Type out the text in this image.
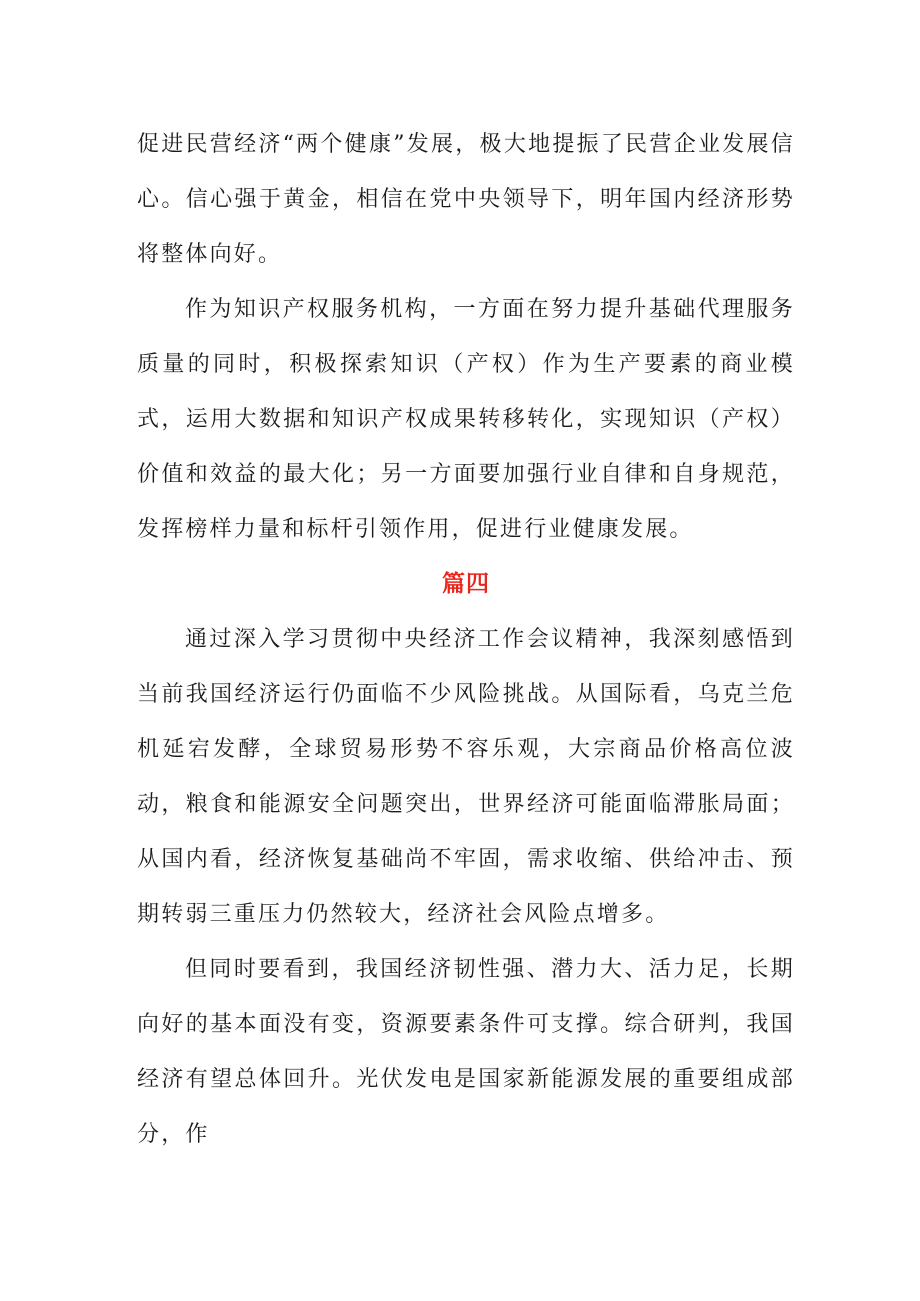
促进民营经济“两个健康”发展，极大地提振了民营企业发展信心。信心强于黄金，相信在党中央领导下，明年国内经济形势将整体向好。

作为知识产权服务机构，一方面在努力提升基础代理服务质量的同时，积极探索知识（产权）作为生产要素的商业模式，运用大数据和知识产权成果转移转化，实现知识（产权）价值和效益的最大化；另一方面要加强行业自律和自身规范，发挥榜样力量和标杆引领作用，促进行业健康发展。

篇四

通过深入学习贯彻中央经济工作会议精神，我深刻感悟到当前我国经济运行仍面临不少风险挑战。从国际看，乌克兰危机延宕发酵，全球贸易形势不容乐观，大宗商品价格高位波动，粮食和能源安全问题突出，世界经济可能面临滞胀局面；从国内看，经济恢复基础尚不牢固，需求收缩、供给冲击、预期转弱三重压力仍然较大，经济社会风险点增多。

但同时要看到，我国经济韧性强、潜力大、活力足，长期向好的基本面没有变，资源要素条件可支撑。综合研判，我国经济有望总体回升。光伏发电是国家新能源发展的重要组成部分，作
